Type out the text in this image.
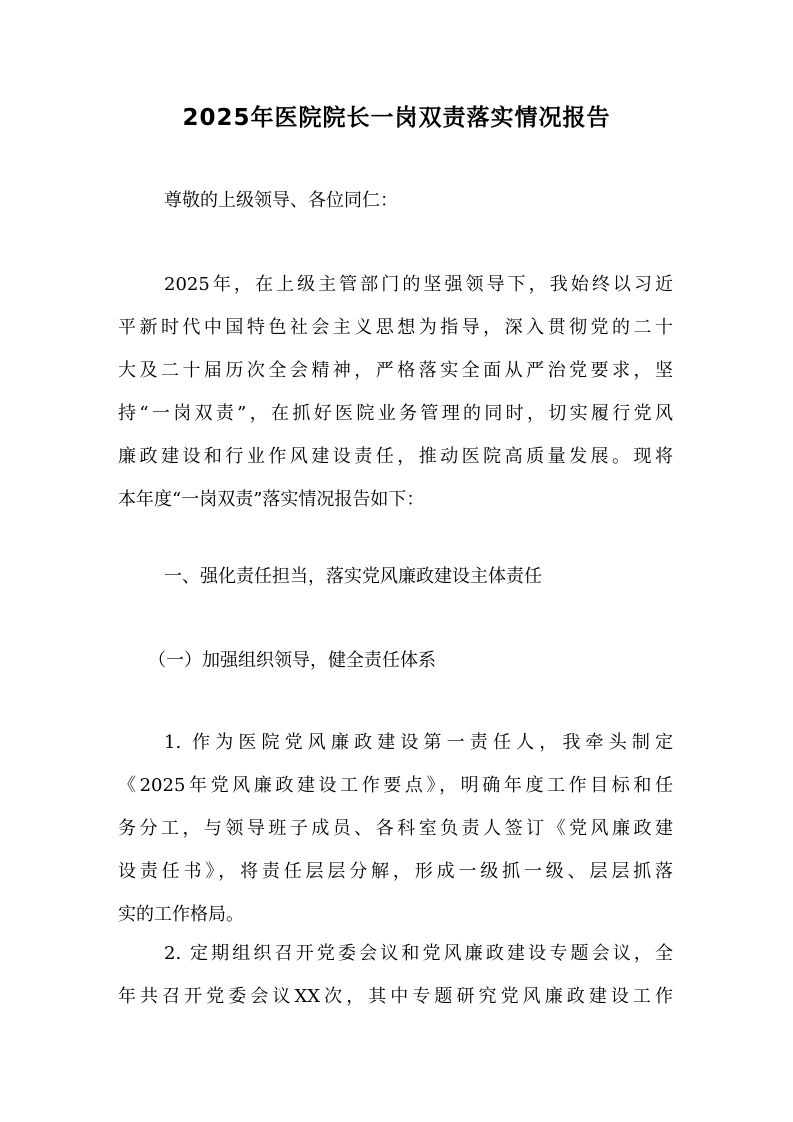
2025年医院院长一岗双责落实情况报告
尊敬的上级领导、各位同仁：
2025年，在上级主管部门的坚强领导下，我始终以习近
平新时代中国特色社会主义思想为指导，深入贯彻党的二十
大及二十届历次全会精神，严格落实全面从严治党要求，坚
持“一岗双责”，在抓好医院业务管理的同时，切实履行党风
廉政建设和行业作风建设责任，推动医院高质量发展。现将
本年度“一岗双责”落实情况报告如下：
一、强化责任担当，落实党风廉政建设主体责任
（一）加强组织领导，健全责任体系
1. 作为医院党风廉政建设第一责任人，我牵头制定
《2025年党风廉政建设工作要点》，明确年度工作目标和任
务分工，与领导班子成员、各科室负责人签订《党风廉政建
设责任书》，将责任层层分解，形成一级抓一级、层层抓落
实的工作格局。
2. 定期组织召开党委会议和党风廉政建设专题会议，全
年共召开党委会议XX次，其中专题研究党风廉政建设工作
